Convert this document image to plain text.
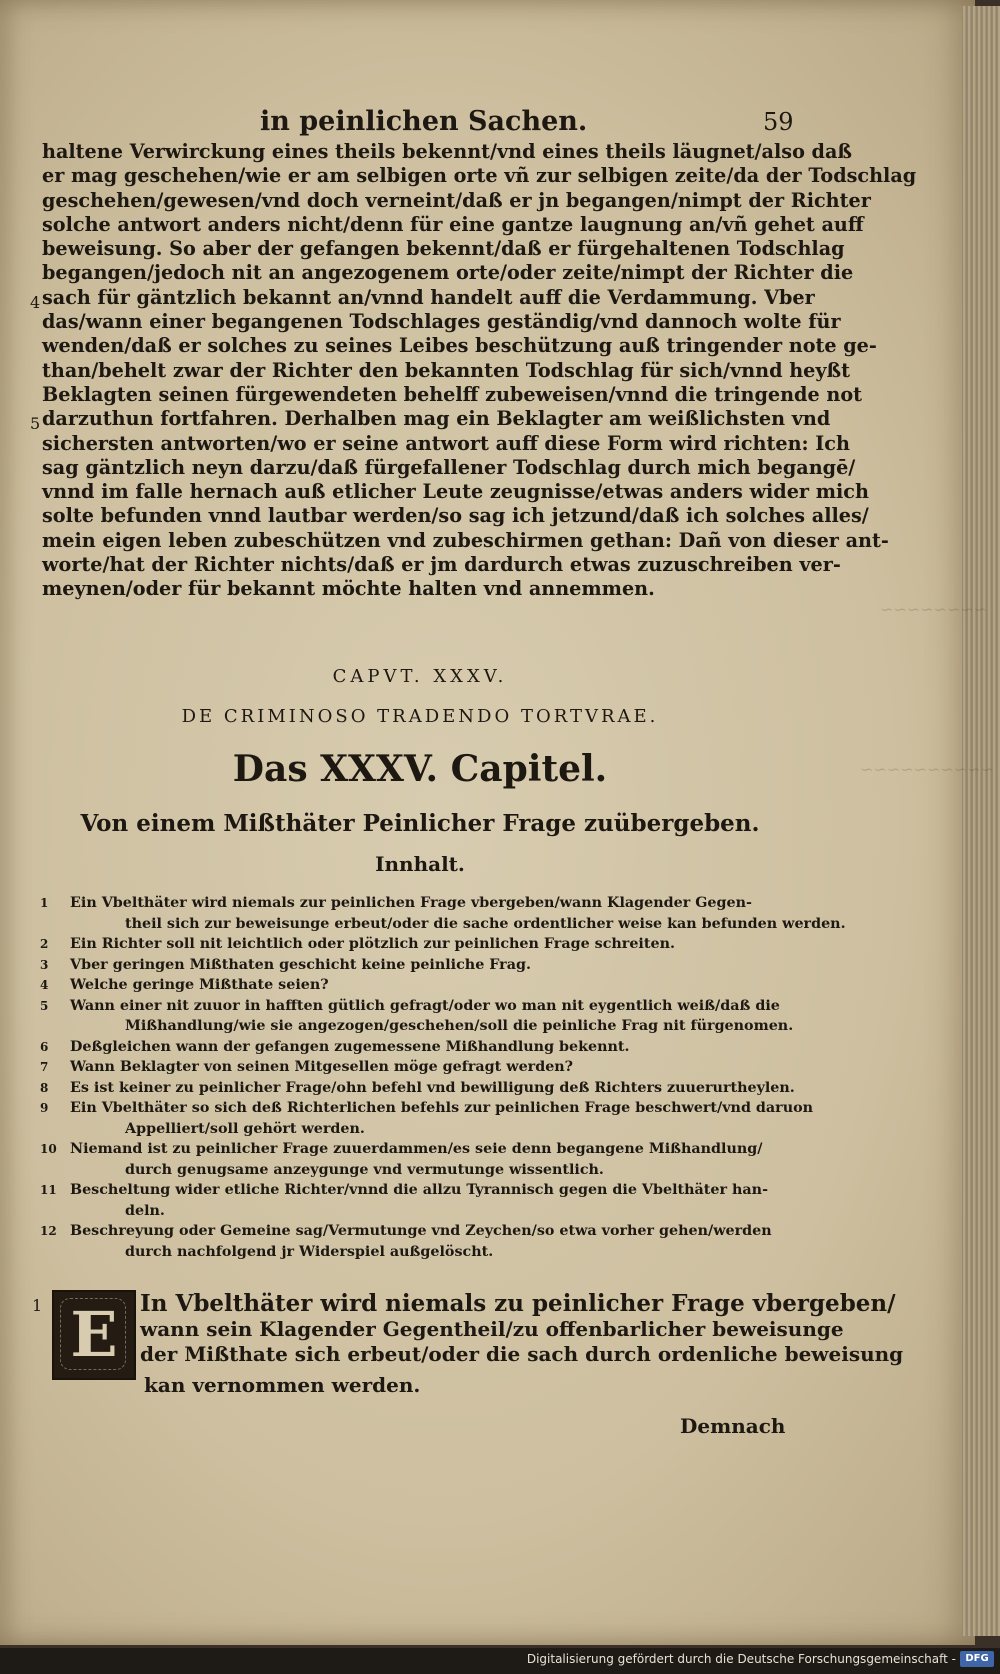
~~~~~~~~
~~~~~~~~~~
in peinlichen Sachen.	59
4
5
haltene Verwirckung eines theils bekennt/vnd eines theils läugnet/also daß
er mag geschehen/wie er am selbigen orte vñ zur selbigen zeite/da der Todschlag
geschehen/gewesen/vnd doch verneint/daß er jn begangen/nimpt der Richter
solche antwort anders nicht/denn für eine gantze laugnung an/vñ gehet auff
beweisung. So aber der gefangen bekennt/daß er fürgehaltenen Todschlag
begangen/jedoch nit an angezogenem orte/oder zeite/nimpt der Richter die
sach für gäntzlich bekannt an/vnnd handelt auff die Verdammung. Vber
das/wann einer begangenen Todschlages geständig/vnd dannoch wolte für
wenden/daß er solches zu seines Leibes beschützung auß tringender note ge-
than/behelt zwar der Richter den bekannten Todschlag für sich/vnnd heyßt
Beklagten seinen fürgewendeten behelff zubeweisen/vnnd die tringende not
darzuthun fortfahren. Derhalben mag ein Beklagter am weißlichsten vnd
sichersten antworten/wo er seine antwort auff diese Form wird richten: Ich
sag gäntzlich neyn darzu/daß fürgefallener Todschlag durch mich begangē/
vnnd im falle hernach auß etlicher Leute zeugnisse/etwas anders wider mich
solte befunden vnnd lautbar werden/so sag ich jetzund/daß ich solches alles/
mein eigen leben zubeschützen vnd zubeschirmen gethan: Dañ von dieser ant-
worte/hat der Richter nichts/daß er jm dardurch etwas zuzuschreiben ver-
meynen/oder für bekannt möchte halten vnd annemmen.
CAPVT. XXXV.
DE CRIMINOSO TRADENDO TORTVRAE.
Das XXXV. Capitel.
Von einem Mißthäter Peinlicher Frage zuübergeben.
Innhalt.
1	Ein Vbelthäter wird niemals zur peinlichen Frage vbergeben/wann Klagender Gegen-
theil sich zur beweisunge erbeut/oder die sache ordentlicher weise kan befunden werden.
2	Ein Richter soll nit leichtlich oder plötzlich zur peinlichen Frage schreiten.
3	Vber geringen Mißthaten geschicht keine peinliche Frag.
4	Welche geringe Mißthate seien?
5	Wann einer nit zuuor in hafften gütlich gefragt/oder wo man nit eygentlich weiß/daß die
Mißhandlung/wie sie angezogen/geschehen/soll die peinliche Frag nit fürgenomen.
6	Deßgleichen wann der gefangen zugemessene Mißhandlung bekennt.
7	Wann Beklagter von seinen Mitgesellen möge gefragt werden?
8	Es ist keiner zu peinlicher Frage/ohn befehl vnd bewilligung deß Richters zuuerurtheylen.
9	Ein Vbelthäter so sich deß Richterlichen befehls zur peinlichen Frage beschwert/vnd daruon
Appelliert/soll gehört werden.
10 Niemand ist zu peinlicher Frage zuuerdammen/es seie denn begangene Mißhandlung/
durch genugsame anzeygunge vnd vermutunge wissentlich.
11 Bescheltung wider etliche Richter/vnnd die allzu Tyrannisch gegen die Vbelthäter han-
deln.
12 Beschreyung oder Gemeine sag/Vermutunge vnd Zeychen/so etwa vorher gehen/werden
durch nachfolgend jr Widerspiel außgelöscht.
1 E In Vbelthäter wird niemals zu peinlicher Frage vbergeben/
wann sein Klagender Gegentheil/zu offenbarlicher beweisunge
der Mißthate sich erbeut/oder die sach durch ordenliche beweisung
kan vernommen werden.
Demnach
Digitalisierung gefördert durch die Deutsche Forschungsgemeinschaft - DFG
